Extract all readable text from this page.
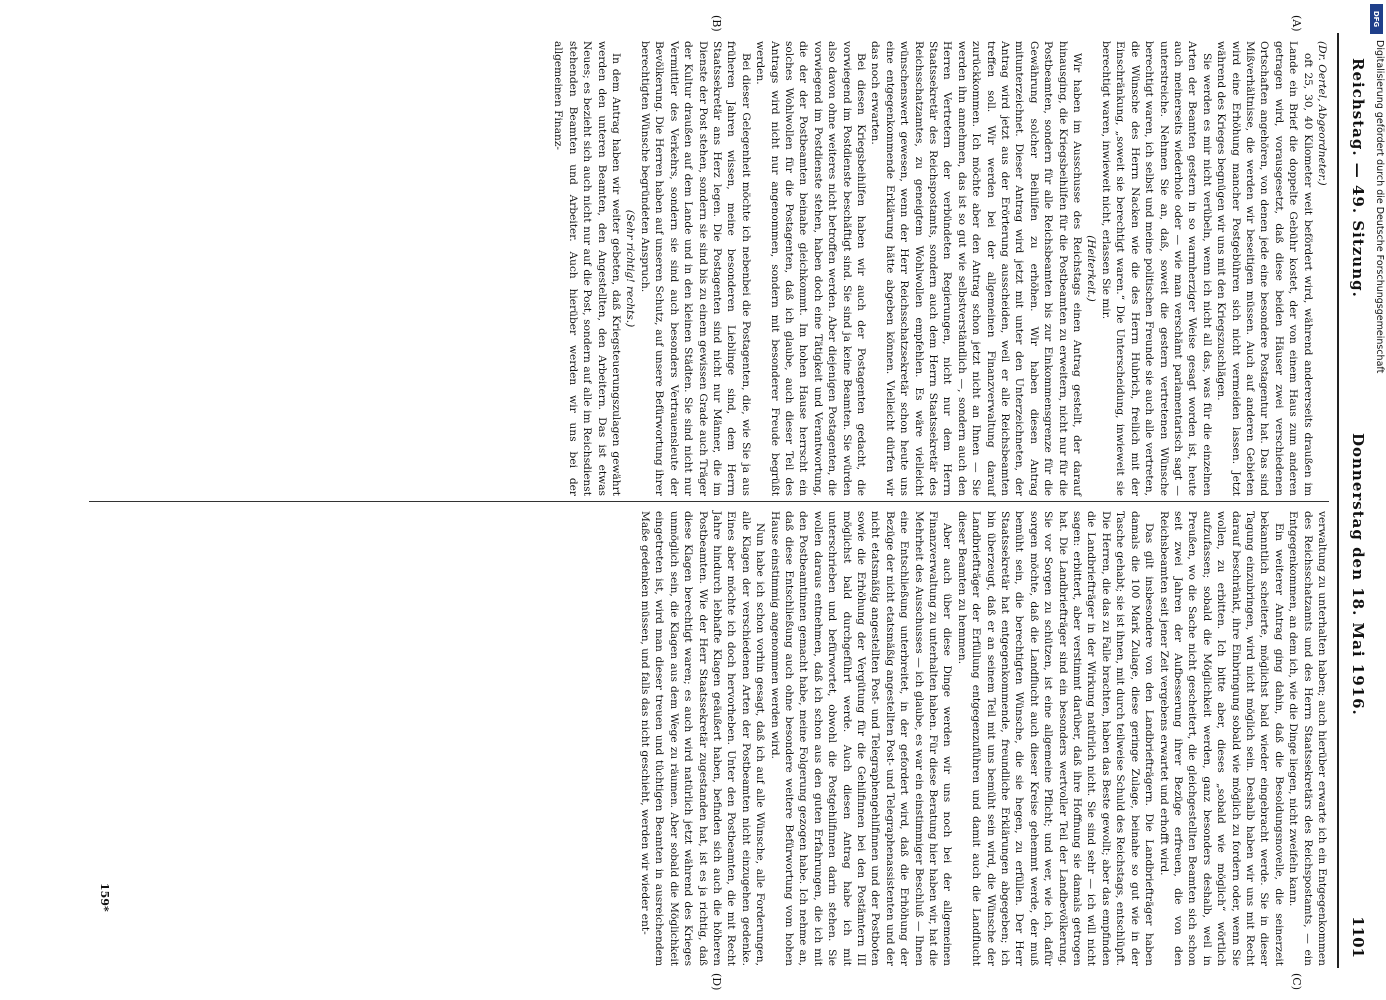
Reichstag. — 49. Sitzung.
Donnerstag den 18. Mai 1916.
1101
(A)
(B)
(C)
(D)

(Dr. Oertel, Abgeordneter.)

oft 25, 30, 40 Kilometer weit befördert wird, während andererseits draußen im Lande ein Brief die doppelte Gebühr kostet, der von einem Haus zum anderen getragen wird, vorausgesetzt, daß diese beiden Häuser zwei verschiedenen Ortschaften angehören, von denen jede eine besondere Postagentur hat. Das sind Mißverhältnisse, die werden wir beseitigen müssen. Auch auf anderen Gebieten wird eine Erhöhung mancher Postgebühren sich nicht vermeiden lassen. Jetzt während des Krieges begnügen wir uns mit den Kriegszuschlägen.

Sie werden es mir nicht verübeln, wenn ich nicht all das, was für die einzelnen Arten der Beamten gestern in so warmherziger Weise gesagt worden ist, heute auch meinerseits wiederhole oder — wie man verschämt parlamentarisch sagt — unterstreiche. Nehmen Sie an, daß, soweit die gestern vertretenen Wünsche berechtigt waren, ich selbst und meine politischen Freunde sie auch alle vertreten, die Wünsche des Herrn Nacken wie die des Herrn Hubrich, freilich mit der Einschränkung, „soweit sie berechtigt waren.“ Die Unterscheidung, inwieweit sie berechtigt waren, inwieweit nicht, erlassen Sie mir.

(Heiterkeit.)

Wir haben im Ausschusse des Reichstags einen Antrag gestellt, der darauf hinausging, die Kriegsbeihilfen für die Postbeamten zu erweitern, nicht nur für die Postbeamten, sondern für alle Reichsbeamten bis zur Einkommensgrenze für die Gewährung solcher Beihilfen zu erhöhen. Wir haben diesen Antrag mitunterzeichnet. Dieser Antrag wird jetzt mit unter den Unterzeichneten, der Antrag wird jetzt aus der Erörterung ausscheiden, weil er alle Reichsbeamten treffen soll. Wir werden bei der allgemeinen Finanzverwaltung darauf zurückkommen. Ich möchte aber den Antrag schon jetzt nicht an Ihnen — Sie werden ihn annehmen, das ist so gut wie selbstverständlich —, sondern auch den Herren Vertretern der verbündeten Regierungen, nicht nur dem Herrn Staatssekretär des Reichspostamts, sondern auch dem Herrn Staatssekretär des Reichsschatzamtes, zu geneigtem Wohlwollen empfehlen. Es wäre vielleicht wünschenswert gewesen, wenn der Herr Reichsschatzsekretär schon heute uns eine entgegenkommende Erklärung hätte abgeben können. Vielleicht dürfen wir das noch erwarten.

Bei diesen Kriegsbeihilfen haben wir auch der Postagenten gedacht, die vorwiegend im Postdienste beschäftigt sind. Sie sind ja keine Beamten. Sie würden also davon ohne weiteres nicht betroffen werden. Aber diejenigen Postagenten, die vorwiegend im Postdienste stehen, haben doch eine Tätigkeit und Verantwortung, die der der Postbeamten beinahe gleichkommt. Im hohen Hause herrscht ein solches Wohlwollen für die Postagenten, daß ich glaube, auch dieser Teil des Antrags wird nicht nur angenommen, sondern mit besonderer Freude begrüßt werden.

Bei dieser Gelegenheit möchte ich nebenbei die Postagenten, die, wie Sie ja aus früheren Jahren wissen, meine besonderen Lieblinge sind, dem Herrn Staatssekretär ans Herz legen. Die Postagenten sind nicht nur Männer, die im Dienste der Post stehen, sondern sie sind bis zu einem gewissen Grade auch Träger der Kultur draußen auf dem Lande und in den kleinen Städten. Sie sind nicht nur Vermittler des Verkehrs, sondern sie sind auch besonders Vertrauensleute der Bevölkerung. Die Herren haben auf unseren Schutz, auf unsere Befürwortung ihrer berechtigten Wünsche begründeten Anspruch.

(Sehr richtig! rechts.)

In dem Antrag haben wir weiter gebeten, daß Kriegsteuerungszulagen gewährt werden den unteren Beamten, den Angestellten, den Arbeitern. Das ist etwas Neues; es bezieht sich auch nicht nur auf die Post, sondern auf alle im Reichsdienst stehenden Beamten und Arbeiter. Auch hierüber werden wir uns bei der allgemeinen Finanz-

verwaltung zu unterhalten haben; auch hierüber erwarte ich ein Entgegenkommen des Reichsschatzamts und des Herrn Staatssekretärs des Reichspostamts, — ein Entgegenkommen, an dem ich, wie die Dinge liegen, nicht zweifeln kann.

Ein weiterer Antrag ging dahin, daß die Besoldungsnovelle, die seinerzeit bekanntlich scheiterte, möglichst bald wieder eingebracht werde. Sie in dieser Tagung einzubringen, wird nicht möglich sein. Deshalb haben wir uns mit Recht darauf beschränkt, ihre Einbringung sobald wie möglich zu fordern oder, wenn Sie wollen, zu erbitten. Ich bitte aber, dieses „sobald wie möglich“ wörtlich aufzufassen; sobald die Möglichkeit werden, ganz besonders deshalb, weil in Preußen, wo die Sache nicht gescheitert, die gleichgestellten Beamten sich schon seit zwei Jahren der Aufbesserung ihrer Bezüge erfreuen, die von den Reichsbeamten seit jener Zeit vergebens erwartet und erhofft wird.

Das gilt insbesondere von den Landbriefträgern. Die Landbriefträger haben damals die 100 Mark Zulage, diese geringe Zulage, beinahe so gut wie in der Tasche gehabt; sie ist ihnen, mit durch teilweise Schuld des Reichstags, entschlüpft. Die Herren, die das zu Falle brachten, haben das Beste gewollt; aber das empfinden die Landbriefträger in der Wirkung natürlich nicht. Sie sind sehr — ich will nicht sagen: erbittert, aber verstimmt darüber, daß ihre Hoffnung sie damals getrogen hat. Die Landbriefträger sind ein besonders wertvoller Teil der Landbevölkerung. Sie vor Sorgen zu schützen, ist eine allgemeine Pflicht; und wer, wie ich, dafür sorgen möchte, daß die Landflucht auch dieser Kreise gehemmt werde, der muß bemüht sein, die berechtigten Wünsche, die sie hegen, zu erfüllen. Der Herr Staatssekretär hat entgegenkommende, freundliche Erklärungen abgegeben; ich bin überzeugt, daß er an seinem Teil mit uns bemüht sein wird, die Wünsche der Landbriefträger der Erfüllung entgegenzuführen und damit auch die Landflucht dieser Beamten zu hemmen.

Aber auch über diese Dinge werden wir uns noch bei der allgemeinen Finanzverwaltung zu unterhalten haben. Für diese Beratung hier haben wir, hat die Mehrheit des Ausschusses — ich glaube, es war ein einstimmiger Beschluß — Ihnen eine Entschließung unterbreitet, in der gefordert wird, daß die Erhöhung der Bezüge der nicht etatsmäßig angestellten Post- und Telegraphenassistenten und der nicht etatsmäßig angestellten Post- und Telegraphengehilfinnen und der Postboten sowie die Erhöhung der Vergütung für die Gehilfinnen bei den Postämtern III möglichst bald durchgeführt werde. Auch diesen Antrag habe ich mit unterschrieben und befürwortet, obwohl die Postgehilfinnen darin stehen. Sie wollen daraus entnehmen, daß ich schon aus den guten Erfahrungen, die ich mit den Postbeamtinnen gemacht habe, meine Folgerung gezogen habe. Ich nehme an, daß diese Entschließung auch ohne besondere weitere Befürwortung vom hohen Hause einstimmig angenommen werden wird.

Nun habe ich schon vorhin gesagt, daß ich auf alle Wünsche, alle Forderungen, alle Klagen der verschiedenen Arten der Postbeamten nicht einzugehen gedenke. Eines aber möchte ich doch hervorheben. Unter den Postbeamten, die mit Recht Jahre hindurch lebhafte Klagen geäußert haben, befinden sich auch die höheren Postbeamten. Wie der Herr Staatssekretär zugestanden hat, ist es ja richtig, daß diese Klagen berechtigt waren; es auch wird natürlich jetzt während des Krieges unmöglich sein, die Klagen aus dem Wege zu räumen. Aber sobald die Möglichkeit eingetreten ist, wird man dieser treuen und tüchtigen Beamten in ausreichendem Maße gedenken müssen, und falls das nicht geschieht, werden wir wieder ent-

159*
DFG
Digitalisierung gefördert durch die Deutsche Forschungsgemeinschaft
